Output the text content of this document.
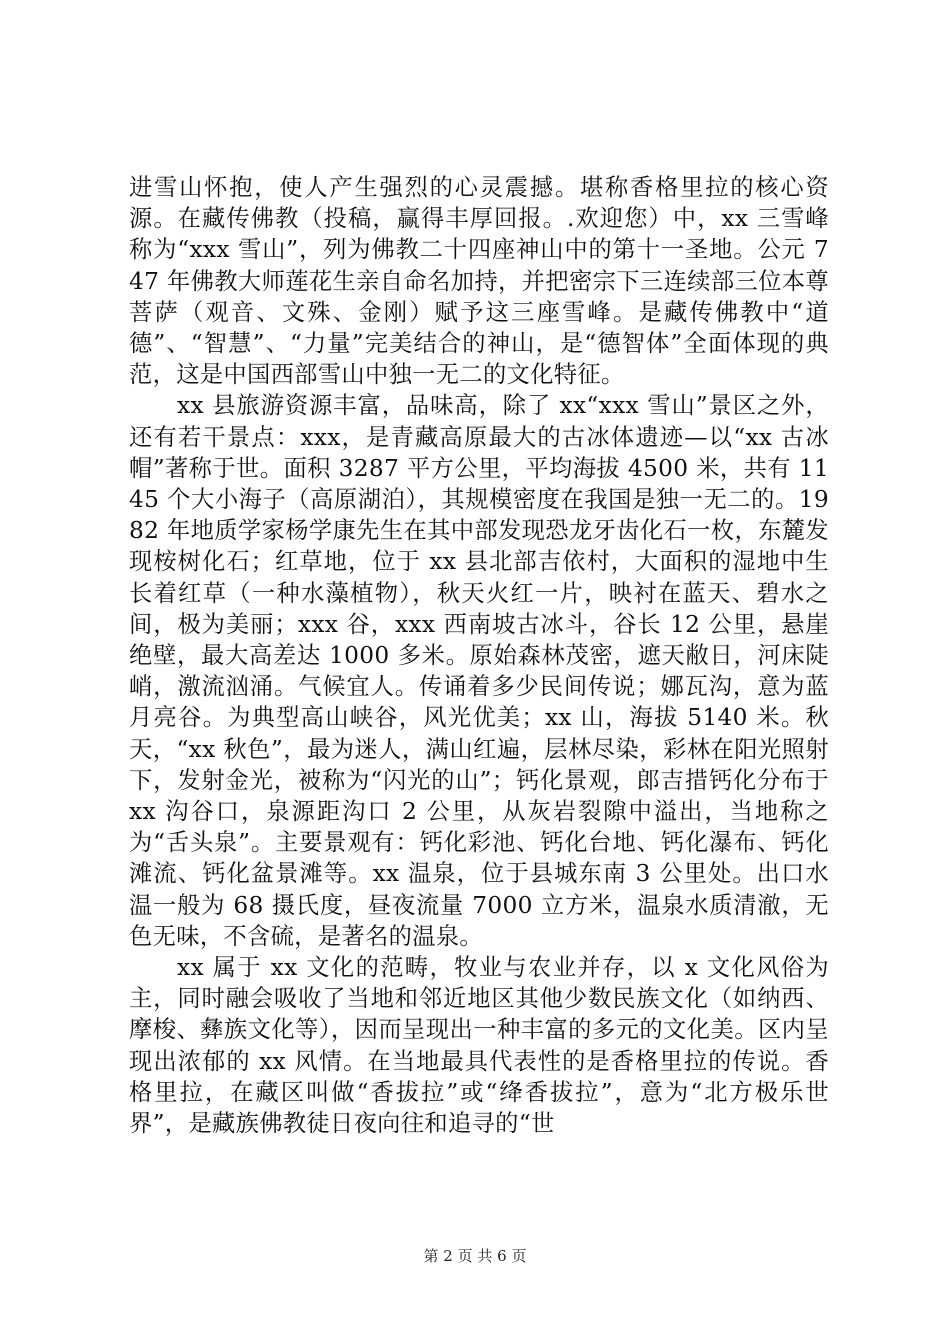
进雪山怀抱，使人产生强烈的心灵震撼。堪称香格里拉的核心资源。在藏传佛教（投稿，赢得丰厚回报。.欢迎您）中，xx 三雪峰称为“xxx 雪山”，列为佛教二十四座神山中的第十一圣地。公元 747 年佛教大师莲花生亲自命名加持，并把密宗下三连续部三位本尊菩萨（观音、文殊、金刚）赋予这三座雪峰。是藏传佛教中“道德”、“智慧”、“力量”完美结合的神山，是“德智体”全面体现的典范，这是中国西部雪山中独一无二的文化特征。

xx 县旅游资源丰富，品味高，除了 xx“xxx 雪山”景区之外，还有若干景点：xxx，是青藏高原最大的古冰体遗迹—以“xx 古冰帽”著称于世。面积 3287 平方公里，平均海拔 4500 米，共有 1145 个大小海子（高原湖泊），其规模密度在我国是独一无二的。1982 年地质学家杨学康先生在其中部发现恐龙牙齿化石一枚，东麓发现桉树化石；红草地，位于 xx 县北部吉依村，大面积的湿地中生长着红草（一种水藻植物），秋天火红一片，映衬在蓝天、碧水之间，极为美丽；xxx 谷，xxx 西南坡古冰斗，谷长 12 公里，悬崖绝壁，最大高差达 1000 多米。原始森林茂密，遮天敝日，河床陡峭，激流汹涌。气候宜人。传诵着多少民间传说；娜瓦沟，意为蓝月亮谷。为典型高山峡谷，风光优美；xx 山，海拔 5140 米。秋天，“xx 秋色”，最为迷人，满山红遍，层林尽染，彩林在阳光照射下，发射金光，被称为“闪光的山”；钙化景观，郎吉措钙化分布于 xx 沟谷口，泉源距沟口 2 公里，从灰岩裂隙中溢出，当地称之为“舌头泉”。主要景观有：钙化彩池、钙化台地、钙化瀑布、钙化滩流、钙化盆景滩等。xx 温泉，位于县城东南 3 公里处。出口水温一般为 68 摄氏度，昼夜流量 7000 立方米，温泉水质清澈，无色无味，不含硫，是著名的温泉。

xx 属于 xx 文化的范畴，牧业与农业并存，以 x 文化风俗为主，同时融会吸收了当地和邻近地区其他少数民族文化（如纳西、摩梭、彝族文化等），因而呈现出一种丰富的多元的文化美。区内呈现出浓郁的 xx 风情。在当地最具代表性的是香格里拉的传说。香格里拉，在藏区叫做“香拔拉”或“绛香拔拉”，意为“北方极乐世界”，是藏族佛教徒日夜向往和追寻的“世

第 2 页 共 6 页
